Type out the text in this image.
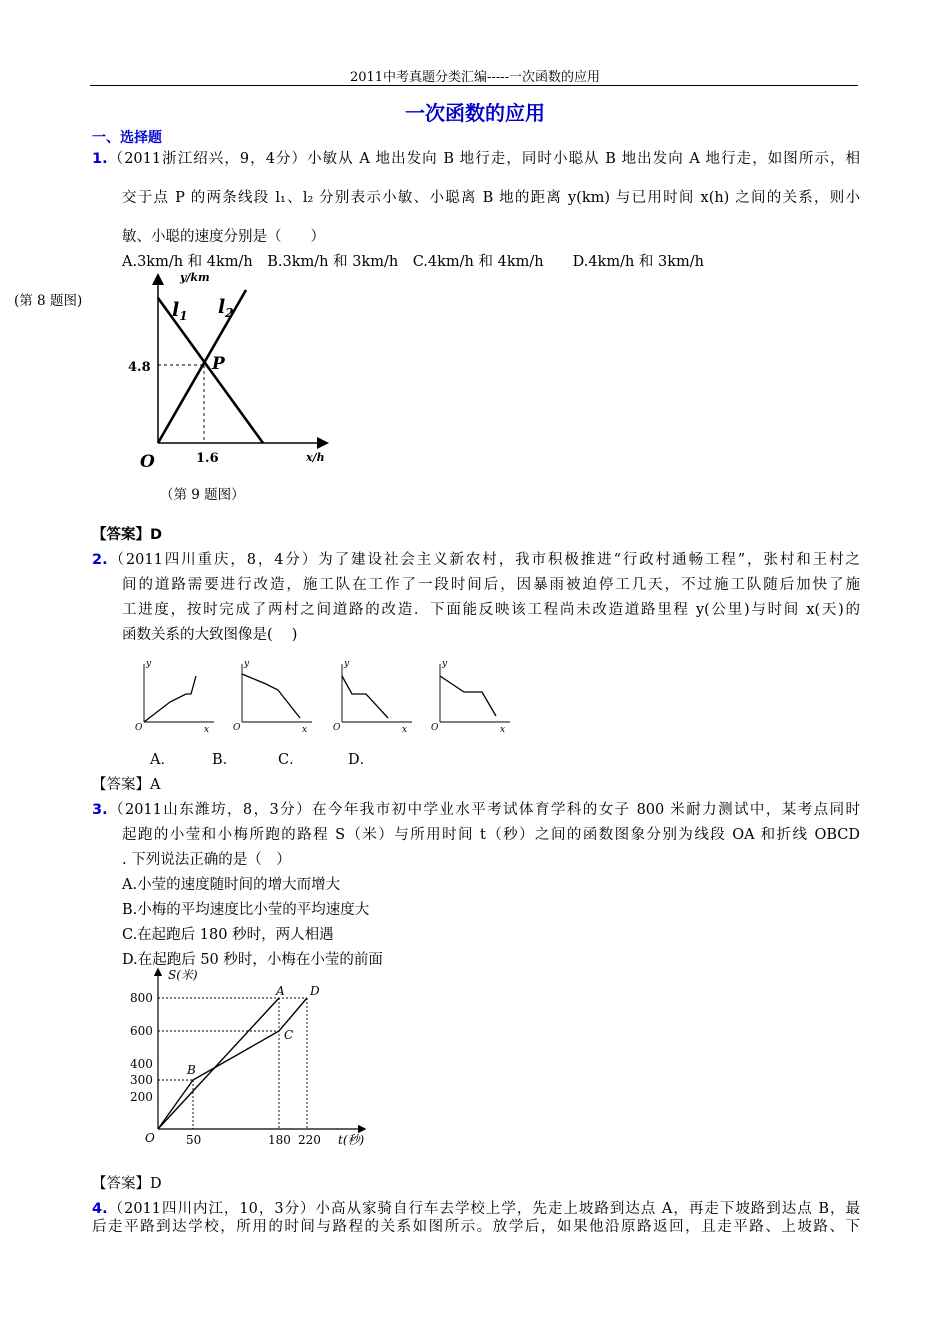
2011中考真题分类汇编-----一次函数的应用
一次函数的应用
一、选择题
1.（2011浙江绍兴，9，4分）小敏从 A 地出发向 B 地行走，同时小聪从 B 地出发向 A 地行走，如图所示，相
交于点 P 的两条线段 l₁、l₂ 分别表示小敏、小聪离 B 地的距离 y(km) 与已用时间 x(h) 之间的关系，则小
敏、小聪的速度分别是（　　）
A.3km/h 和 4km/h　B.3km/h 和 3km/h　C.4km/h 和 4km/h　　D.4km/h 和 3km/h
(第 8 题图)
y/km
x/h
O
4.8
1.6
P
$l_1$ $l_2$
（第 9 题图）
【答案】D
2.（2011四川重庆，8，4分）为了建设社会主义新农村，我市积极推进“行政村通畅工程”，张村和王村之
间的道路需要进行改造，施工队在工作了一段时间后，因暴雨被迫停工几天，不过施工队随后加快了施
工进度，按时完成了两村之间道路的改造．下面能反映该工程尚未改造道路里程 y(公里)与时间 x(天)的
函数关系的大致图像是(　 )
y
x
O
y
x
O
y
x
O
y
x
O
A．	B．	C．	D．
【答案】A
3.（2011山东潍坊，8，3分）在今年我市初中学业水平考试体育学科的女子 800 米耐力测试中，某考点同时
起跑的小莹和小梅所跑的路程 S（米）与所用时间 t（秒）之间的函数图象分别为线段 OA 和折线 OBCD
. 下列说法正确的是（　）
A.小莹的速度随时间的增大而增大
B.小梅的平均速度比小莹的平均速度大
C.在起跑后 180 秒时，两人相遇
D.在起跑后 50 秒时，小梅在小莹的前面
800
600
400
300
200
50	180 220
S(米)
t(秒)
O
A
B
C
D
【答案】D
4.（2011四川内江，10，3分）小高从家骑自行车去学校上学，先走上坡路到达点 A，再走下坡路到达点 B，最
后走平路到达学校，所用的时间与路程的关系如图所示。放学后，如果他沿原路返回，且走平路、上坡路、下
